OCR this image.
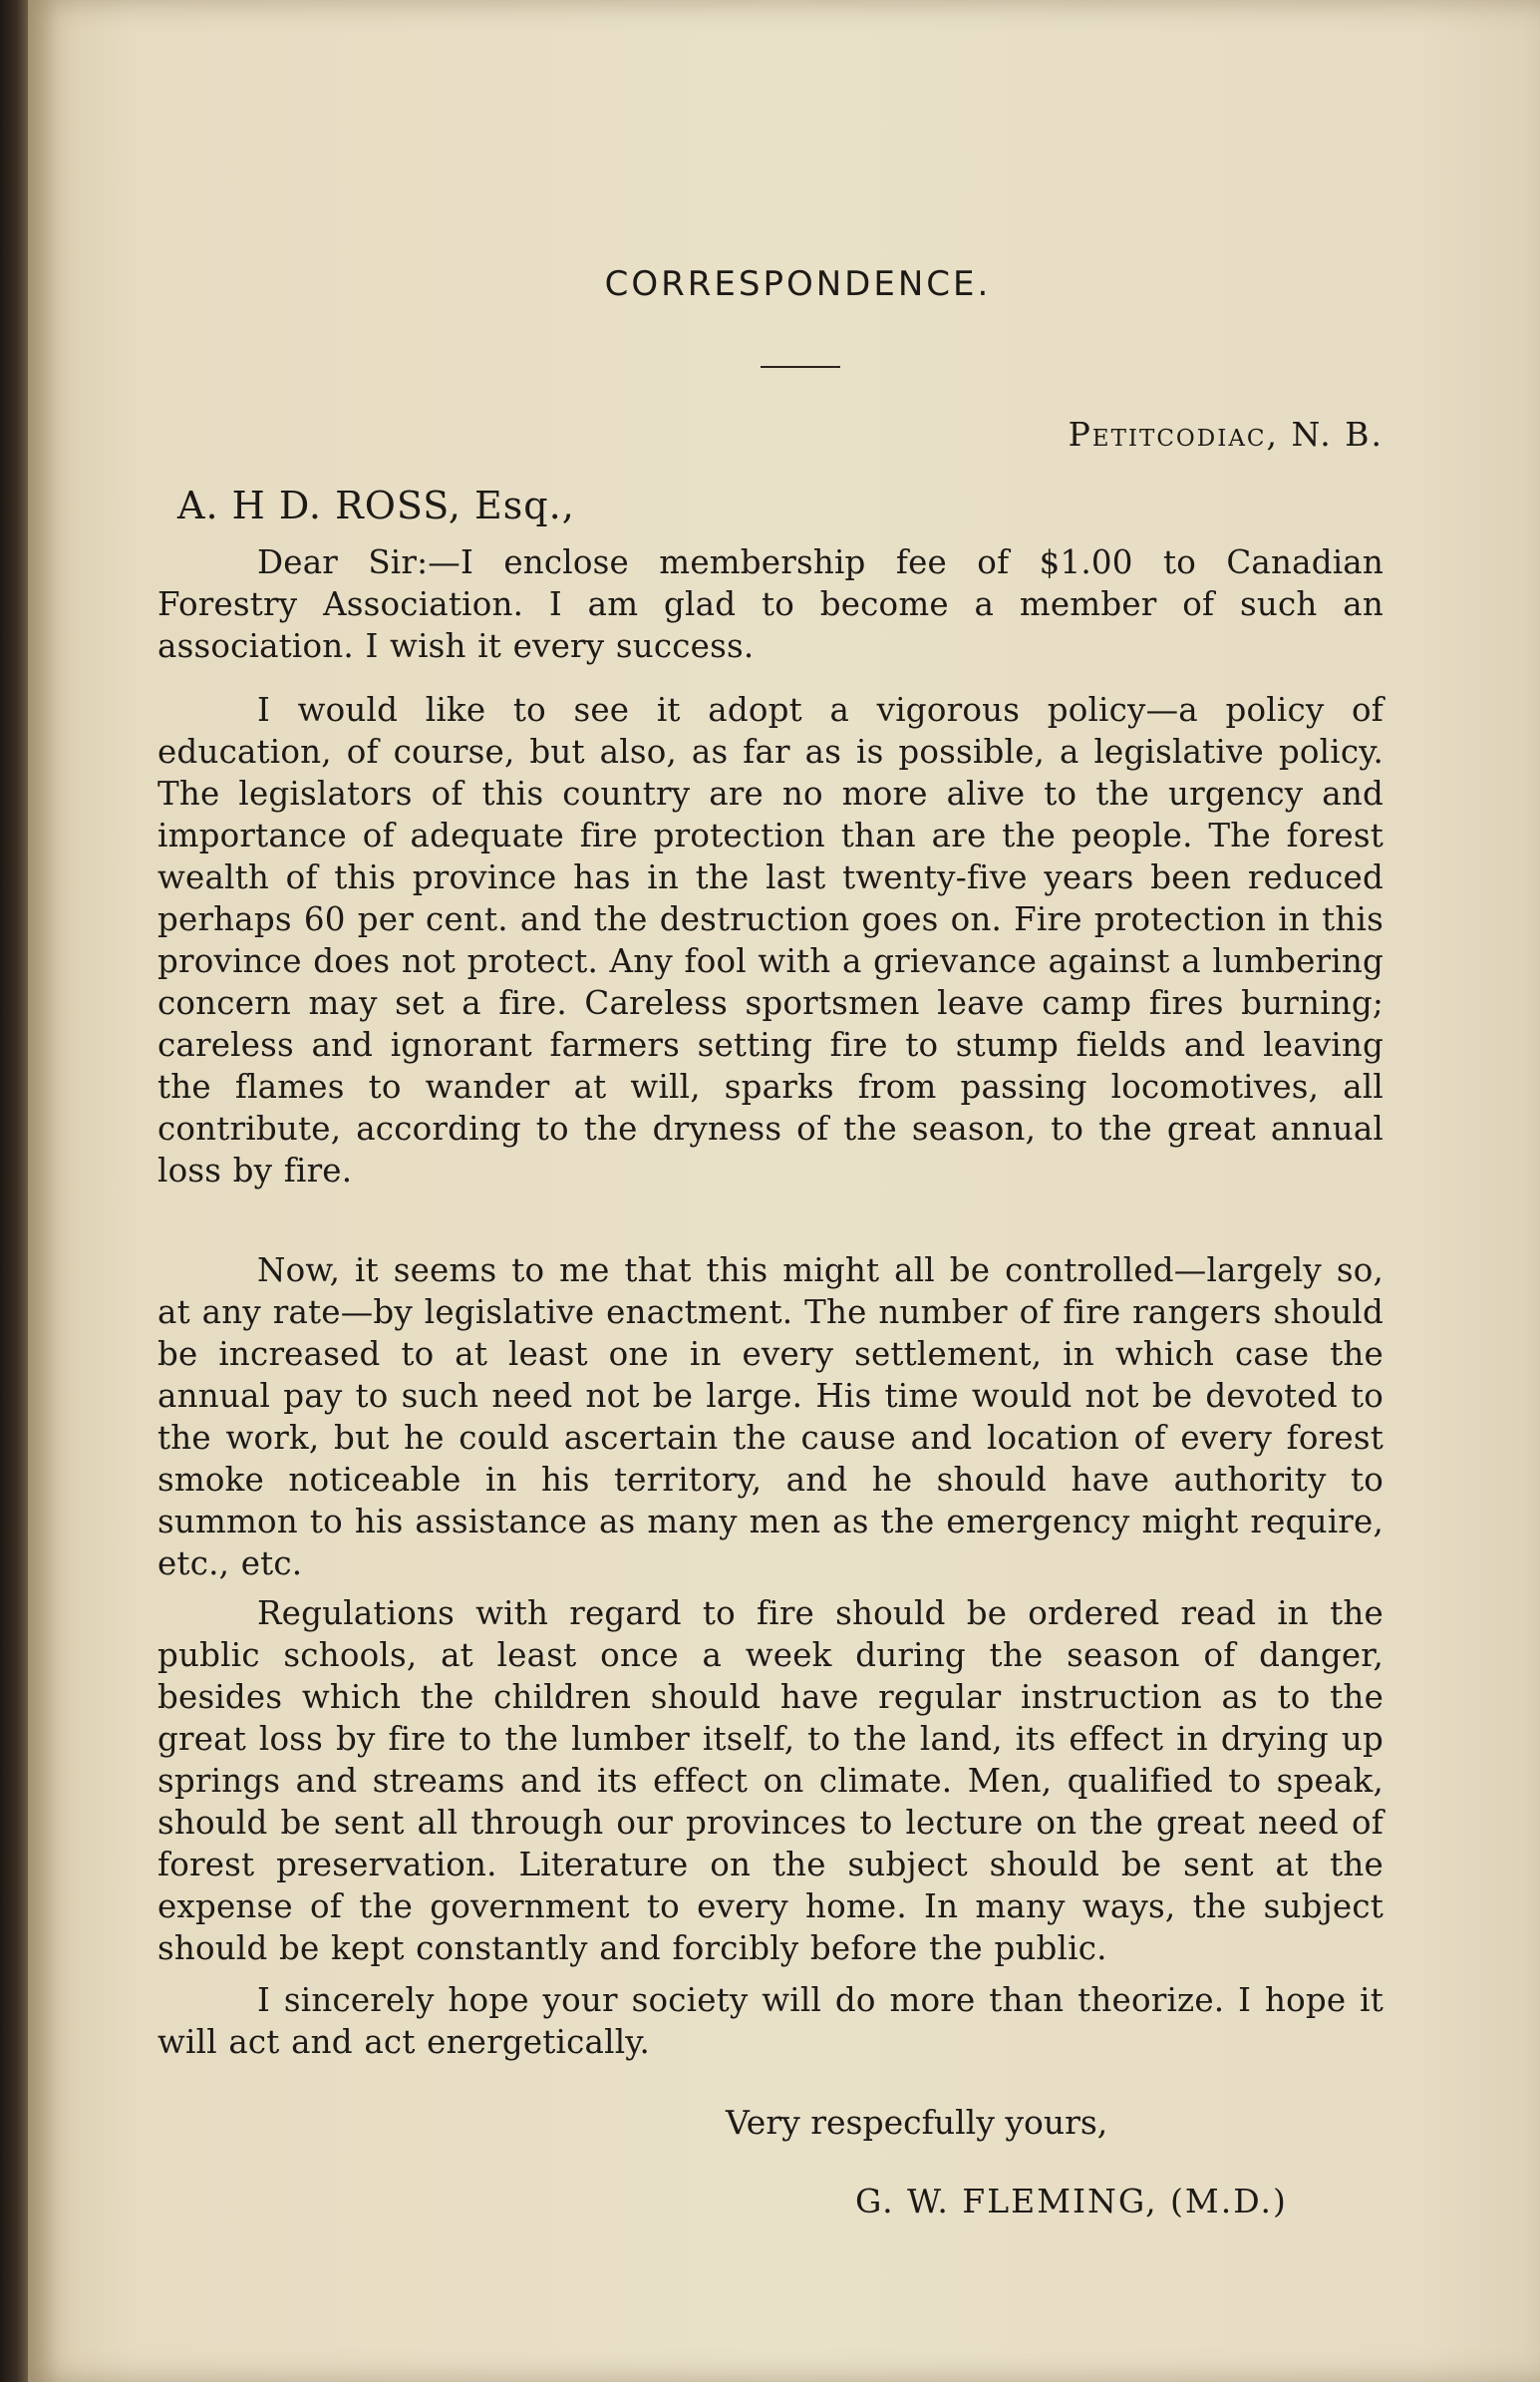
CORRESPONDENCE.
Petitcodiac, N. B.
A. H D. ROSS, Esq.,

Dear Sir:—I enclose membership fee of $1.00 to Canadian Forestry Association. I am glad to become a member of such an association. I wish it every success.

I would like to see it adopt a vigorous policy—a policy of education, of course, but also, as far as is possible, a legislative policy. The legislators of this country are no more alive to the urgency and importance of adequate fire protection than are the people. The forest wealth of this province has in the last twenty-five years been reduced perhaps 60 per cent. and the destruction goes on. Fire protection in this province does not protect. Any fool with a grievance against a lumbering concern may set a fire. Careless sportsmen leave camp fires burning; careless and ignorant farmers setting fire to stump fields and leaving the flames to wander at will, sparks from passing locomotives, all contribute, according to the dryness of the season, to the great annual loss by fire.

Now, it seems to me that this might all be controlled—largely so, at any rate—by legislative enactment. The number of fire rangers should be increased to at least one in every settlement, in which case the annual pay to such need not be large. His time would not be devoted to the work, but he could ascertain the cause and location of every forest smoke noticeable in his territory, and he should have authority to summon to his assistance as many men as the emergency might require, etc., etc.

Regulations with regard to fire should be ordered read in the public schools, at least once a week during the season of danger, besides which the children should have regular instruction as to the great loss by fire to the lumber itself, to the land, its effect in drying up springs and streams and its effect on climate. Men, qualified to speak, should be sent all through our provinces to lecture on the great need of forest preservation. Literature on the subject should be sent at the expense of the government to every home. In many ways, the subject should be kept constantly and forcibly before the public.

I sincerely hope your society will do more than theorize. I hope it will act and act energetically.

Very respecfully yours,
G. W. FLEMING, (M.D.)
